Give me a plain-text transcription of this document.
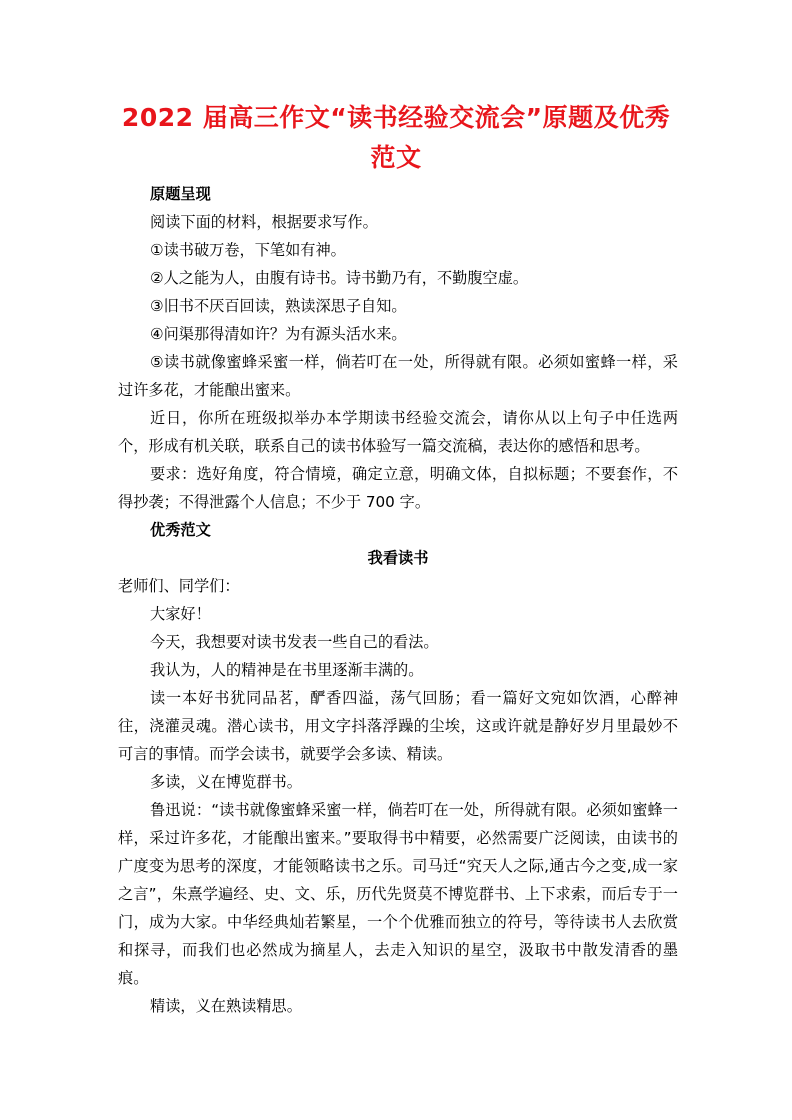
2022 届高三作文“读书经验交流会”原题及优秀
范文

原题呈现

阅读下面的材料，根据要求写作。

①读书破万卷，下笔如有神。

②人之能为人，由腹有诗书。诗书勤乃有，不勤腹空虚。

③旧书不厌百回读，熟读深思子自知。

④问渠那得清如许？为有源头活水来。

⑤读书就像蜜蜂采蜜一样，倘若叮在一处，所得就有限。必须如蜜蜂一样，采过许多花，才能酿出蜜来。

近日，你所在班级拟举办本学期读书经验交流会，请你从以上句子中任选两个，形成有机关联，联系自己的读书体验写一篇交流稿，表达你的感悟和思考。

要求：选好角度，符合情境，确定立意，明确文体，自拟标题；不要套作，不得抄袭；不得泄露个人信息；不少于 700 字。

优秀范文

我看读书

老师们、同学们：

大家好！

今天，我想要对读书发表一些自己的看法。

我认为，人的精神是在书里逐渐丰满的。

读一本好书犹同品茗，酽香四溢，荡气回肠；看一篇好文宛如饮酒，心醉神往，浇灌灵魂。潜心读书，用文字抖落浮躁的尘埃，这或许就是静好岁月里最妙不可言的事情。而学会读书，就要学会多读、精读。

多读，义在博览群书。

鲁迅说：“读书就像蜜蜂采蜜一样，倘若叮在一处，所得就有限。必须如蜜蜂一样，采过许多花，才能酿出蜜来。”要取得书中精要，必然需要广泛阅读，由读书的广度变为思考的深度，才能领略读书之乐。司马迁“究天人之际,通古今之变,成一家之言”，朱熹学遍经、史、文、乐，历代先贤莫不博览群书、上下求索，而后专于一门，成为大家。中华经典灿若繁星，一个个优雅而独立的符号，等待读书人去欣赏和探寻，而我们也必然成为摘星人，去走入知识的星空，汲取书中散发清香的墨痕。

精读，义在熟读精思。
